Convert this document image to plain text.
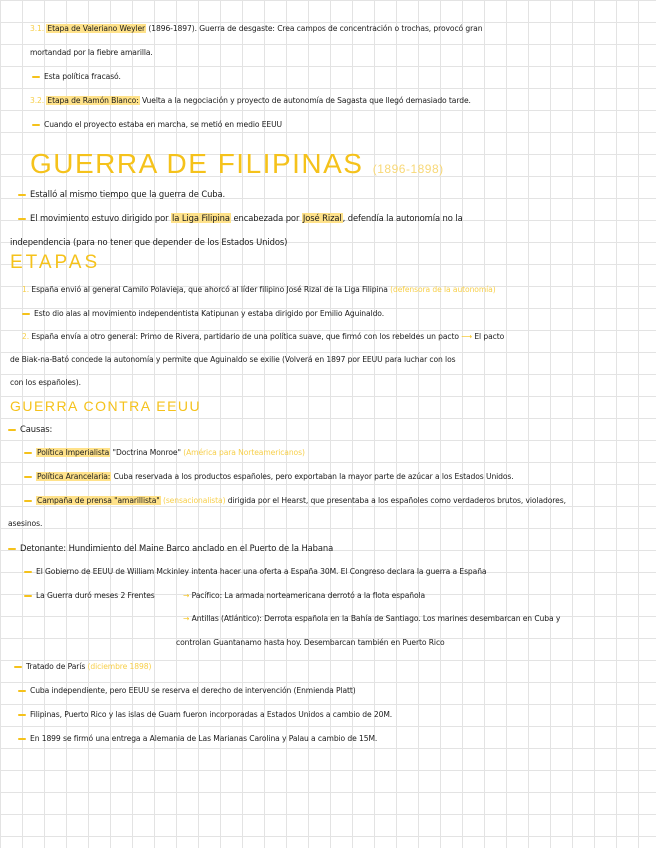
3.1. Etapa de Valeriano Weyler (1896-1897). Guerra de desgaste: Crea campos de concentración o trochas, provocó gran
mortandad por la fiebre amarilla.
Esta política fracasó.
3.2. Etapa de Ramón Blanco: Vuelta a la negociación y proyecto de autonomía de Sagasta que llegó demasiado tarde.
Cuando el proyecto estaba en marcha, se metió en medio EEUU
GUERRA DE FILIPINAS (1896-1898)
Estalló al mismo tiempo que la guerra de Cuba.
El movimiento estuvo dirigido por la Liga Filipina encabezada por José Rizal, defendía la autonomía no la
independencia (para no tener que depender de los Estados Unidos)
ETAPAS
1. España envió al general Camilo Polavieja, que ahorcó al líder filipino José Rizal de la Liga Filipina (defensora de la autonomía)
Esto dio alas al movimiento independentista Katipunan y estaba dirigido por Emilio Aguinaldo.
2. España envía a otro general: Primo de Rivera, partidario de una política suave, que firmó con los rebeldes un pacto ⟶ El pacto
de Biak-na-Bató concede la autonomía y permite que Aguinaldo se exilie (Volverá en 1897 por EEUU para luchar con los
con los españoles).
GUERRA CONTRA EEUU
Causas:
Política Imperialista "Doctrina Monroe" (América para Norteamericanos)
Política Arancelaria: Cuba reservada a los productos españoles, pero exportaban la mayor parte de azúcar a los Estados Unidos.
Campaña de prensa "amarillista" (sensacionalista) dirigida por el Hearst, que presentaba a los españoles como verdaderos brutos, violadores,
asesinos.
Detonante: Hundimiento del Maine Barco anclado en el Puerto de la Habana
El Gobierno de EEUU de William Mckinley intenta hacer una oferta a España 30M. El Congreso declara la guerra a España
La Guerra duró meses 2 Frentes	→ Pacífico: La armada norteamericana derrotó a la flota española
→ Antillas (Atlántico): Derrota española en la Bahía de Santiago. Los marines desembarcan en Cuba y
controlan Guantanamo hasta hoy. Desembarcan también en Puerto Rico
Tratado de París (diciembre 1898)
Cuba independiente, pero EEUU se reserva el derecho de intervención (Enmienda Platt)
Filipinas, Puerto Rico y las islas de Guam fueron incorporadas a Estados Unidos a cambio de 20M.
En 1899 se firmó una entrega a Alemania de Las Marianas Carolina y Palau a cambio de 15M.
